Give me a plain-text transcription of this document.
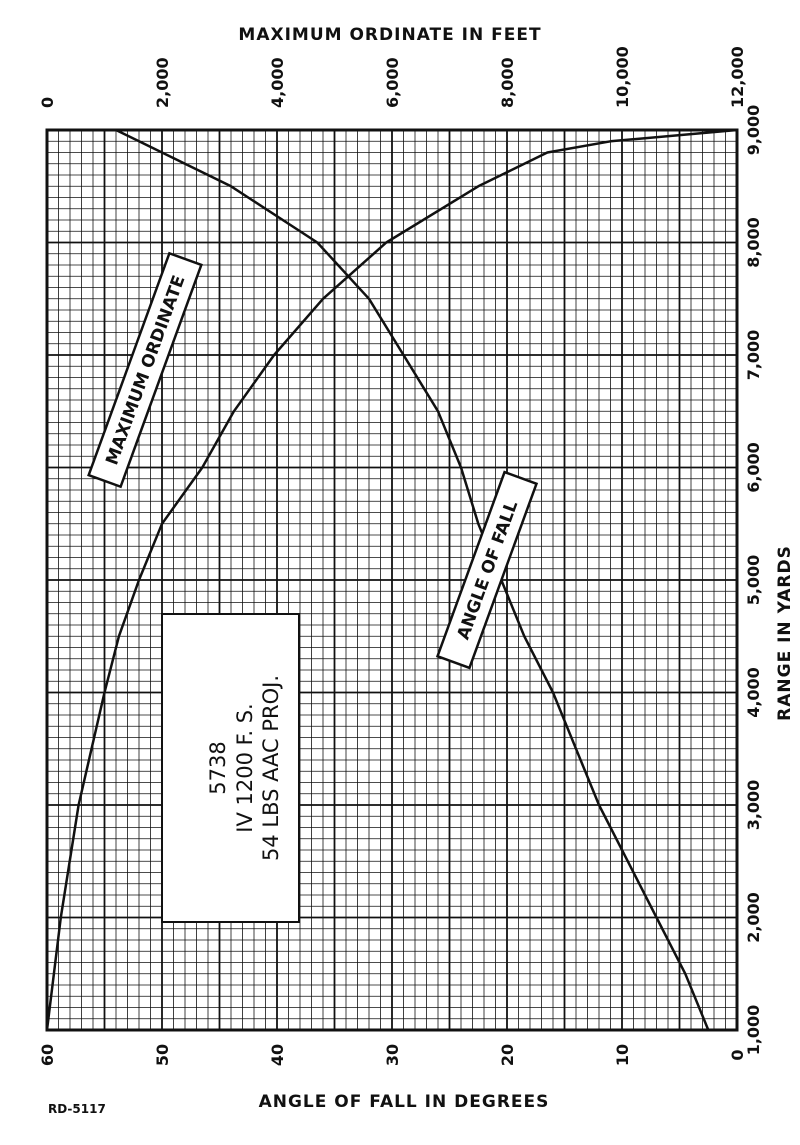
MAXIMUM ORDINATE IN FEET
ANGLE OF FALL IN DEGREES
RANGE IN YARDS
MAXIMUM ORDINATE
ANGLE OF FALL
5738 IV 1200 F. S. 54 LBS AAC PROJ.
RD-5117
1,000
2,000
3,000
4,000
5,000
6,000
7,000
8,000
9,000
0
10
20
30
40
50
60
0	2,000	4,000	6,000	8,000	10,000	12,000
